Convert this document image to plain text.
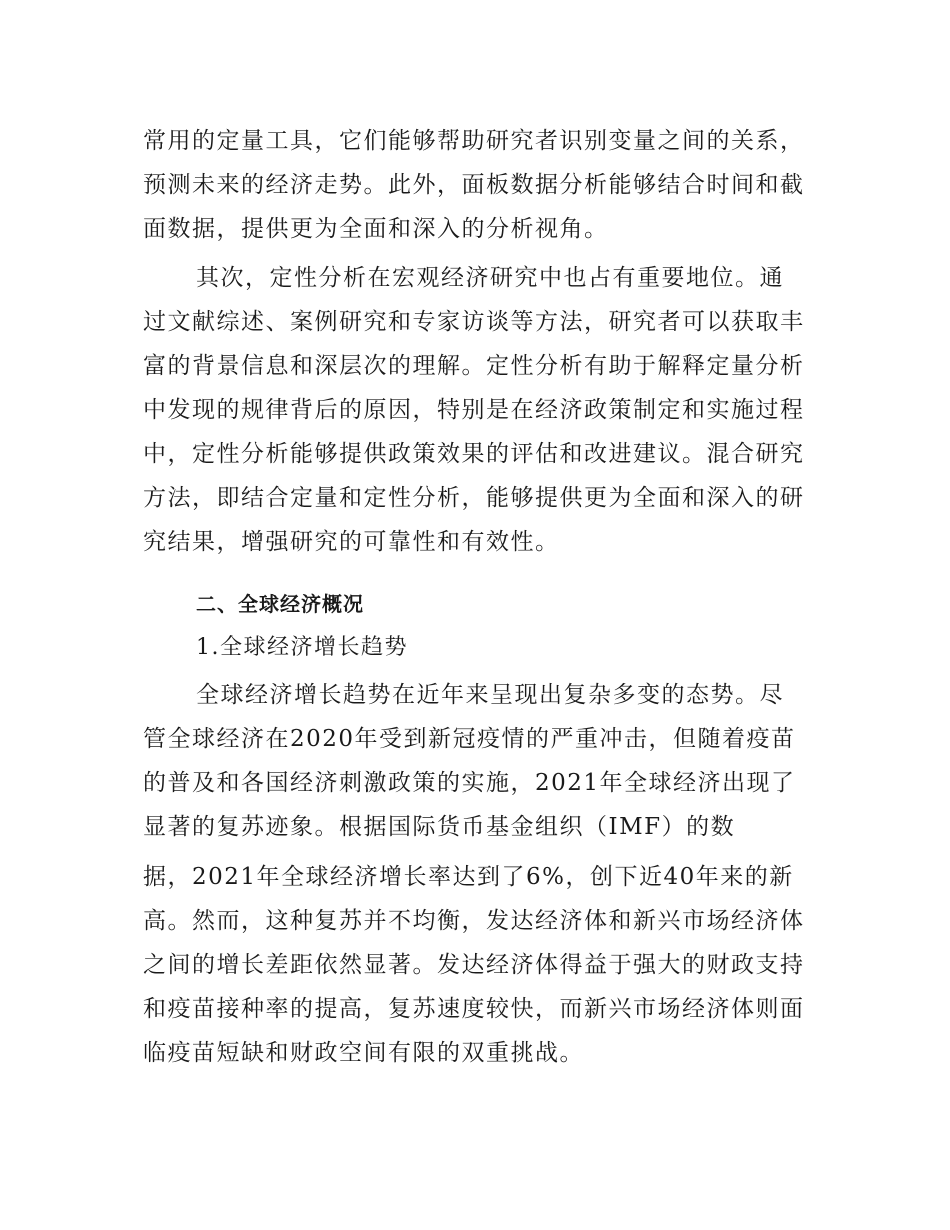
常用的定量工具，它们能够帮助研究者识别变量之间的关系，
预测未来的经济走势。此外，面板数据分析能够结合时间和截
面数据，提供更为全面和深入的分析视角。
其次，定性分析在宏观经济研究中也占有重要地位。通
过文献综述、案例研究和专家访谈等方法，研究者可以获取丰
富的背景信息和深层次的理解。定性分析有助于解释定量分析
中发现的规律背后的原因，特别是在经济政策制定和实施过程
中，定性分析能够提供政策效果的评估和改进建议。混合研究
方法，即结合定量和定性分析，能够提供更为全面和深入的研
究结果，增强研究的可靠性和有效性。
二、全球经济概况
1.全球经济增长趋势
全球经济增长趋势在近年来呈现出复杂多变的态势。尽
管全球经济在2020年受到新冠疫情的严重冲击，但随着疫苗
的普及和各国经济刺激政策的实施，2021年全球经济出现了
显著的复苏迹象。根据国际货币基金组织（IMF）的数
据，2021年全球经济增长率达到了6%，创下近40年来的新
高。然而，这种复苏并不均衡，发达经济体和新兴市场经济体
之间的增长差距依然显著。发达经济体得益于强大的财政支持
和疫苗接种率的提高，复苏速度较快，而新兴市场经济体则面
临疫苗短缺和财政空间有限的双重挑战。
